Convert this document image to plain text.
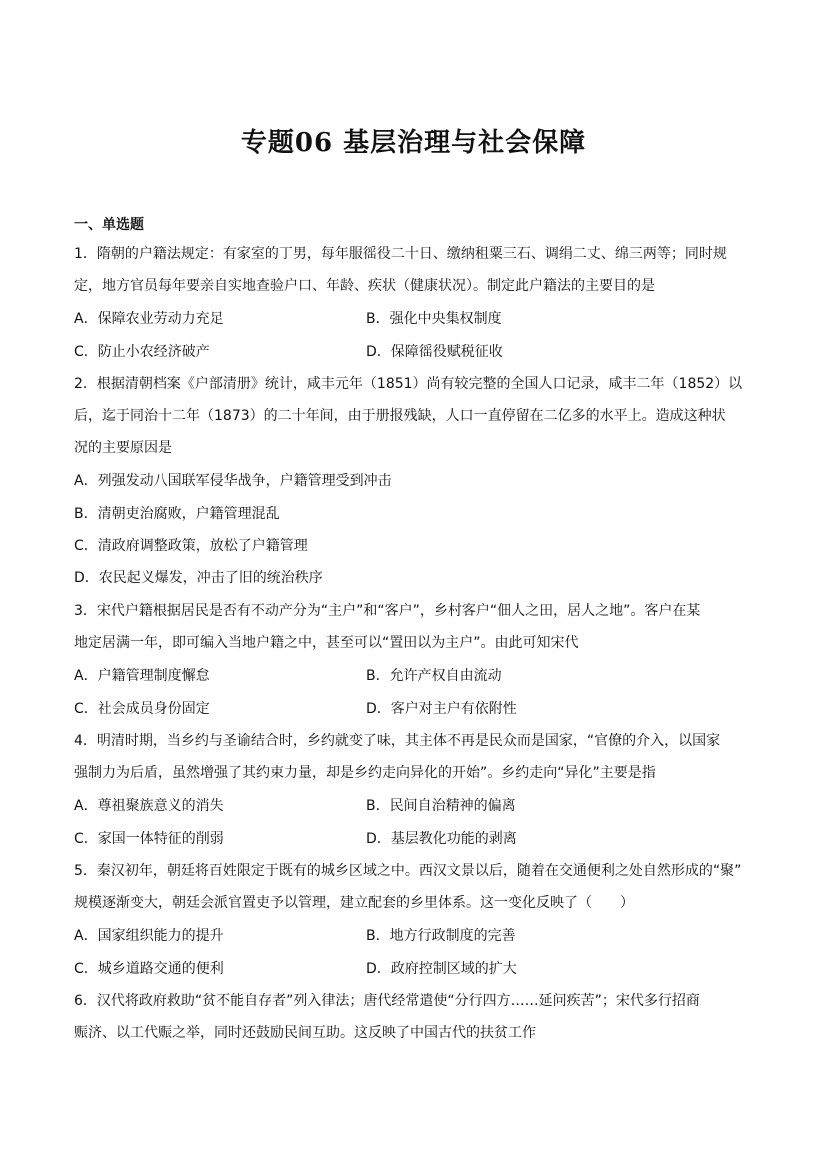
专题06 基层治理与社会保障
一、单选题
1．隋朝的户籍法规定：有家室的丁男，每年服徭役二十日、缴纳租粟三石、调绢二丈、绵三两等；同时规
定，地方官员每年要亲自实地查验户口、年龄、疾状（健康状况）。制定此户籍法的主要目的是
A．保障农业劳动力充足	B．强化中央集权制度
C．防止小农经济破产	D．保障徭役赋税征收
2．根据清朝档案《户部清册》统计，咸丰元年（1851）尚有较完整的全国人口记录，咸丰二年（1852）以
后，迄于同治十二年（1873）的二十年间，由于册报残缺，人口一直停留在二亿多的水平上。造成这种状
况的主要原因是
A．列强发动八国联军侵华战争，户籍管理受到冲击
B．清朝吏治腐败，户籍管理混乱
C．清政府调整政策，放松了户籍管理
D．农民起义爆发，冲击了旧的统治秩序
3．宋代户籍根据居民是否有不动产分为“主户”和“客户”，乡村客户“佃人之田，居人之地”。客户在某
地定居满一年，即可编入当地户籍之中，甚至可以“置田以为主户”。由此可知宋代
A．户籍管理制度懈怠	B．允许产权自由流动
C．社会成员身份固定	D．客户对主户有依附性
4．明清时期，当乡约与圣谕结合时，乡约就变了味，其主体不再是民众而是国家，“官僚的介入，以国家
强制力为后盾，虽然增强了其约束力量，却是乡约走向异化的开始”。乡约走向“异化”主要是指
A．尊祖聚族意义的消失	B．民间自治精神的偏离
C．家国一体特征的削弱	D．基层教化功能的剥离
5．秦汉初年，朝廷将百姓限定于既有的城乡区域之中。西汉文景以后，随着在交通便利之处自然形成的“聚”
规模逐渐变大，朝廷会派官置吏予以管理，建立配套的乡里体系。这一变化反映了（　　）
A．国家组织能力的提升	B．地方行政制度的完善
C．城乡道路交通的便利	D．政府控制区域的扩大
6．汉代将政府救助“贫不能自存者”列入律法；唐代经常遣使“分行四方……延问疾苦”；宋代多行招商
赈济、以工代赈之举，同时还鼓励民间互助。这反映了中国古代的扶贫工作
